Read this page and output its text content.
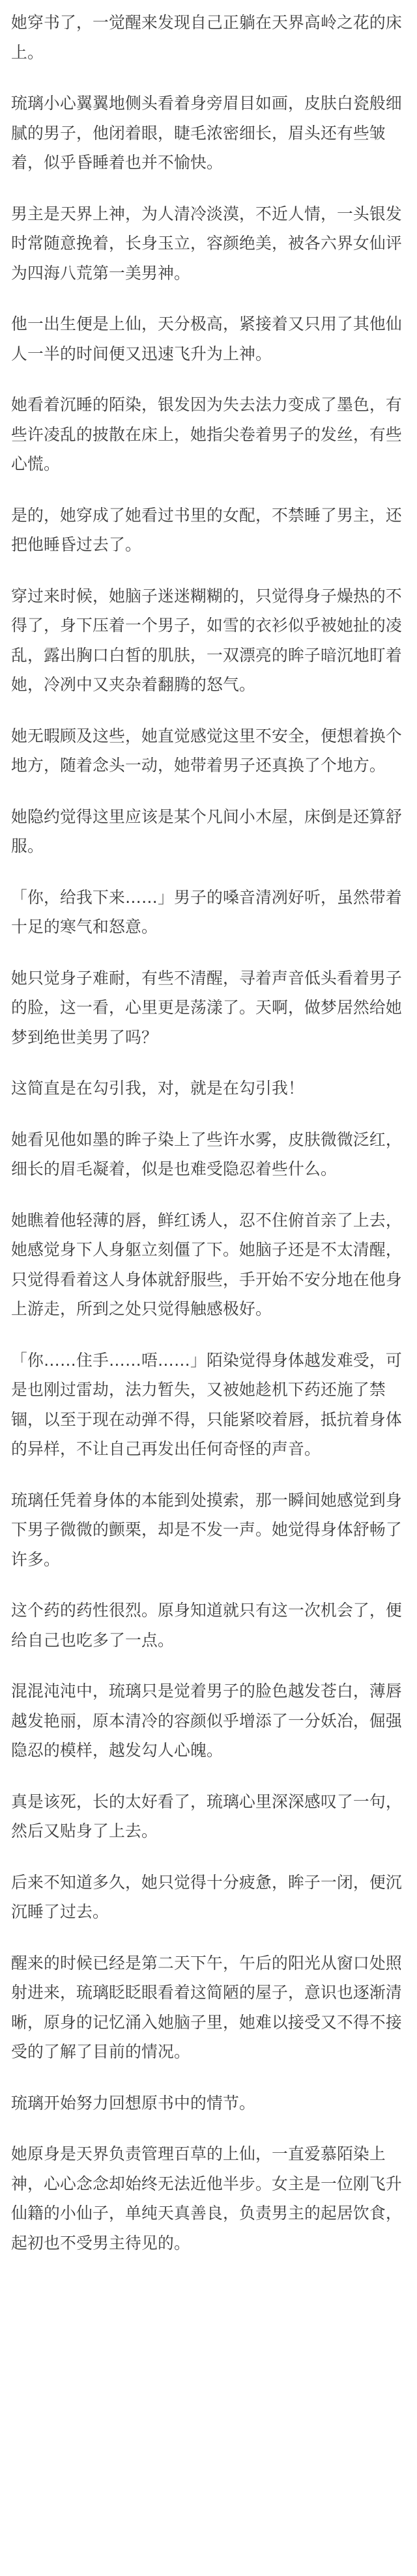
她穿书了，一觉醒来发现自己正躺在天界高岭之花的床上。

琉璃小心翼翼地侧头看着身旁眉目如画，皮肤白瓷般细腻的男子，他闭着眼，睫毛浓密细长，眉头还有些皱着，似乎昏睡着也并不愉快。

男主是天界上神，为人清冷淡漠，不近人情，一头银发时常随意挽着，长身玉立，容颜绝美，被各六界女仙评为四海八荒第一美男神。

他一出生便是上仙，天分极高，紧接着又只用了其他仙人一半的时间便又迅速飞升为上神。

她看着沉睡的陌染，银发因为失去法力变成了墨色，有些许凌乱的披散在床上，她指尖卷着男子的发丝，有些心慌。

是的，她穿成了她看过书里的女配，不禁睡了男主，还把他睡昏过去了。

穿过来时候，她脑子迷迷糊糊的，只觉得身子燥热的不得了，身下压着一个男子，如雪的衣衫似乎被她扯的凌乱，露出胸口白皙的肌肤，一双漂亮的眸子暗沉地盯着她，冷冽中又夹杂着翻腾的怒气。

她无暇顾及这些，她直觉感觉这里不安全，便想着换个地方，随着念头一动，她带着男子还真换了个地方。

她隐约觉得这里应该是某个凡间小木屋，床倒是还算舒服。

「你，给我下来……」男子的嗓音清冽好听，虽然带着十足的寒气和怒意。

她只觉身子难耐，有些不清醒，寻着声音低头看着男子的脸，这一看，心里更是荡漾了。天啊，做梦居然给她梦到绝世美男了吗？

这简直是在勾引我，对，就是在勾引我！

她看见他如墨的眸子染上了些许水雾，皮肤微微泛红，细长的眉毛凝着，似是也难受隐忍着些什么。

她瞧着他轻薄的唇，鲜红诱人，忍不住俯首亲了上去，她感觉身下人身躯立刻僵了下。她脑子还是不太清醒，只觉得看着这人身体就舒服些，手开始不安分地在他身上游走，所到之处只觉得触感极好。

「你……住手……唔……」陌染觉得身体越发难受，可是也刚过雷劫，法力暂失，又被她趁机下药还施了禁锢，以至于现在动弹不得，只能紧咬着唇，抵抗着身体的异样，不让自己再发出任何奇怪的声音。

琉璃任凭着身体的本能到处摸索，那一瞬间她感觉到身下男子微微的颤栗，却是不发一声。她觉得身体舒畅了许多。

这个药的药性很烈。原身知道就只有这一次机会了，便给自己也吃多了一点。

混混沌沌中，琉璃只是觉着男子的脸色越发苍白，薄唇越发艳丽，原本清冷的容颜似乎增添了一分妖冶，倔强隐忍的模样，越发勾人心魄。

真是该死，长的太好看了，琉璃心里深深感叹了一句，然后又贴身了上去。

后来不知道多久，她只觉得十分疲惫，眸子一闭，便沉沉睡了过去。

醒来的时候已经是第二天下午，午后的阳光从窗口处照射进来，琉璃眨眨眼看着这简陋的屋子，意识也逐渐清晰，原身的记忆涌入她脑子里，她难以接受又不得不接受的了解了目前的情况。

琉璃开始努力回想原书中的情节。

她原身是天界负责管理百草的上仙，一直爱慕陌染上神，心心念念却始终无法近他半步。女主是一位刚飞升仙籍的小仙子，单纯天真善良，负责男主的起居饮食，起初也不受男主待见的。
